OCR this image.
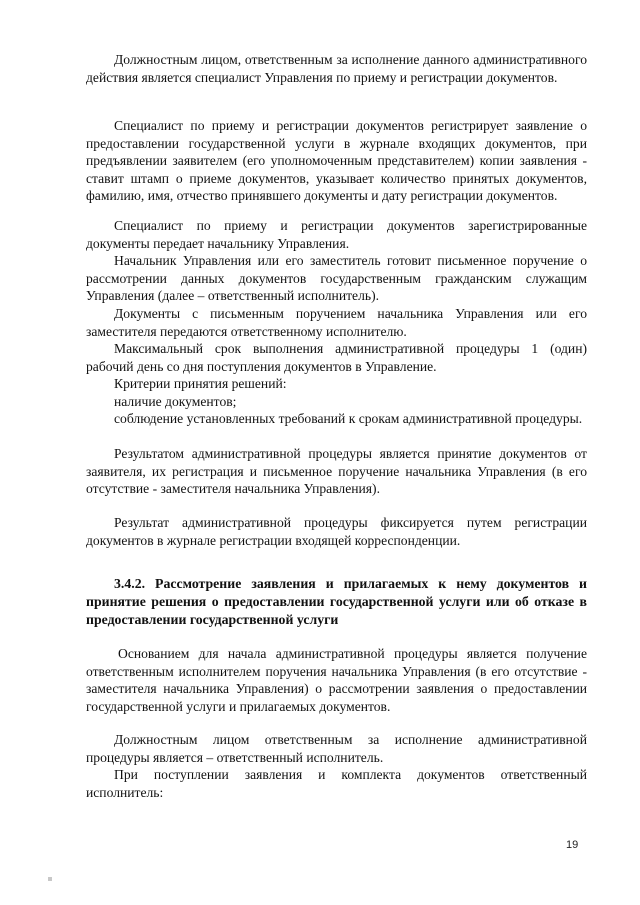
Должностным лицом, ответственным за исполнение данного административного действия является специалист Управления по приему и регистрации документов.

Специалист по приему и регистрации документов регистрирует заявление о предоставлении государственной услуги в журнале входящих документов, при предъявлении заявителем (его уполномоченным представителем) копии заявления - ставит штамп о приеме документов, указывает количество принятых документов, фамилию, имя, отчество принявшего документы и дату регистрации документов.

Специалист по приему и регистрации документов зарегистрированные документы передает начальнику Управления.

Начальник Управления или его заместитель готовит письменное поручение о рассмотрении данных документов государственным гражданским служащим Управления (далее – ответственный исполнитель).

Документы с письменным поручением начальника Управления или его заместителя передаются ответственному исполнителю.

Максимальный срок выполнения административной процедуры 1 (один) рабочий день со дня поступления документов в Управление.

Критерии принятия решений:

наличие документов;

соблюдение установленных требований к срокам административной процедуры.

Результатом административной процедуры является принятие документов от заявителя, их регистрация и письменное поручение начальника Управления (в его отсутствие - заместителя начальника Управления).

Результат административной процедуры фиксируется путем регистрации документов в журнале регистрации входящей корреспонденции.

3.4.2. Рассмотрение заявления и прилагаемых к нему документов и принятие решения о предоставлении государственной услуги или об отказе в предоставлении государственной услуги

Основанием для начала административной процедуры является получение ответственным исполнителем поручения начальника Управления (в его отсутствие - заместителя начальника Управления) о рассмотрении заявления о предоставлении государственной услуги и прилагаемых документов.

Должностным лицом ответственным за исполнение административной процедуры является – ответственный исполнитель.

При поступлении заявления и комплекта документов ответственный исполнитель:

19
